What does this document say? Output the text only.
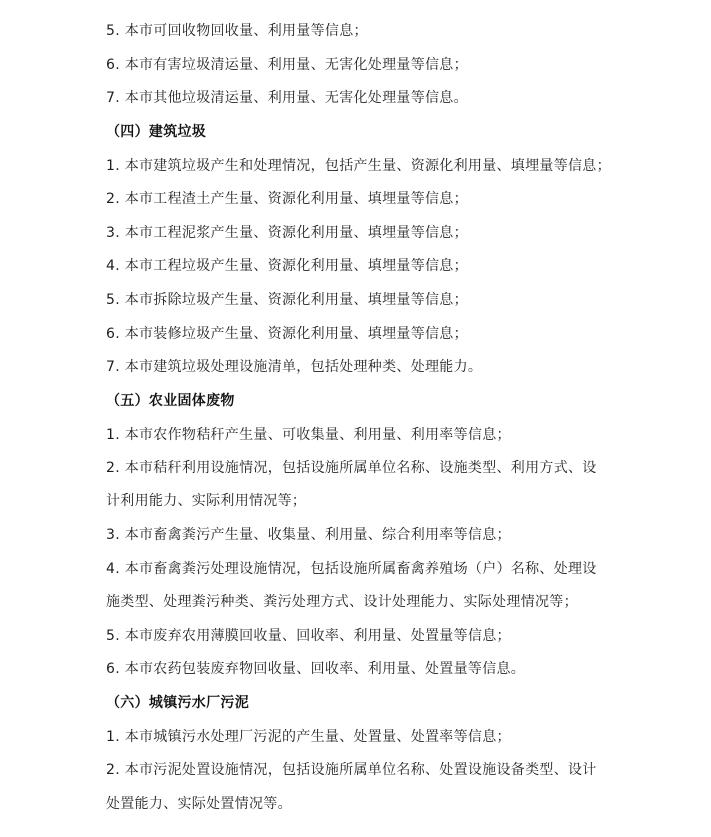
5. 本市可回收物回收量、利用量等信息；
6. 本市有害垃圾清运量、利用量、无害化处理量等信息；
7. 本市其他垃圾清运量、利用量、无害化处理量等信息。
（四）建筑垃圾
1. 本市建筑垃圾产生和处理情况，包括产生量、资源化利用量、填埋量等信息；
2. 本市工程渣土产生量、资源化利用量、填埋量等信息；
3. 本市工程泥浆产生量、资源化利用量、填埋量等信息；
4. 本市工程垃圾产生量、资源化利用量、填埋量等信息；
5. 本市拆除垃圾产生量、资源化利用量、填埋量等信息；
6. 本市装修垃圾产生量、资源化利用量、填埋量等信息；
7. 本市建筑垃圾处理设施清单，包括处理种类、处理能力。
（五）农业固体废物
1. 本市农作物秸秆产生量、可收集量、利用量、利用率等信息；
2. 本市秸秆利用设施情况，包括设施所属单位名称、设施类型、利用方式、设
计利用能力、实际利用情况等；
3. 本市畜禽粪污产生量、收集量、利用量、综合利用率等信息；
4. 本市畜禽粪污处理设施情况，包括设施所属畜禽养殖场（户）名称、处理设
施类型、处理粪污种类、粪污处理方式、设计处理能力、实际处理情况等；
5. 本市废弃农用薄膜回收量、回收率、利用量、处置量等信息；
6. 本市农药包装废弃物回收量、回收率、利用量、处置量等信息。
（六）城镇污水厂污泥
1. 本市城镇污水处理厂污泥的产生量、处置量、处置率等信息；
2. 本市污泥处置设施情况，包括设施所属单位名称、处置设施设备类型、设计
处置能力、实际处置情况等。
